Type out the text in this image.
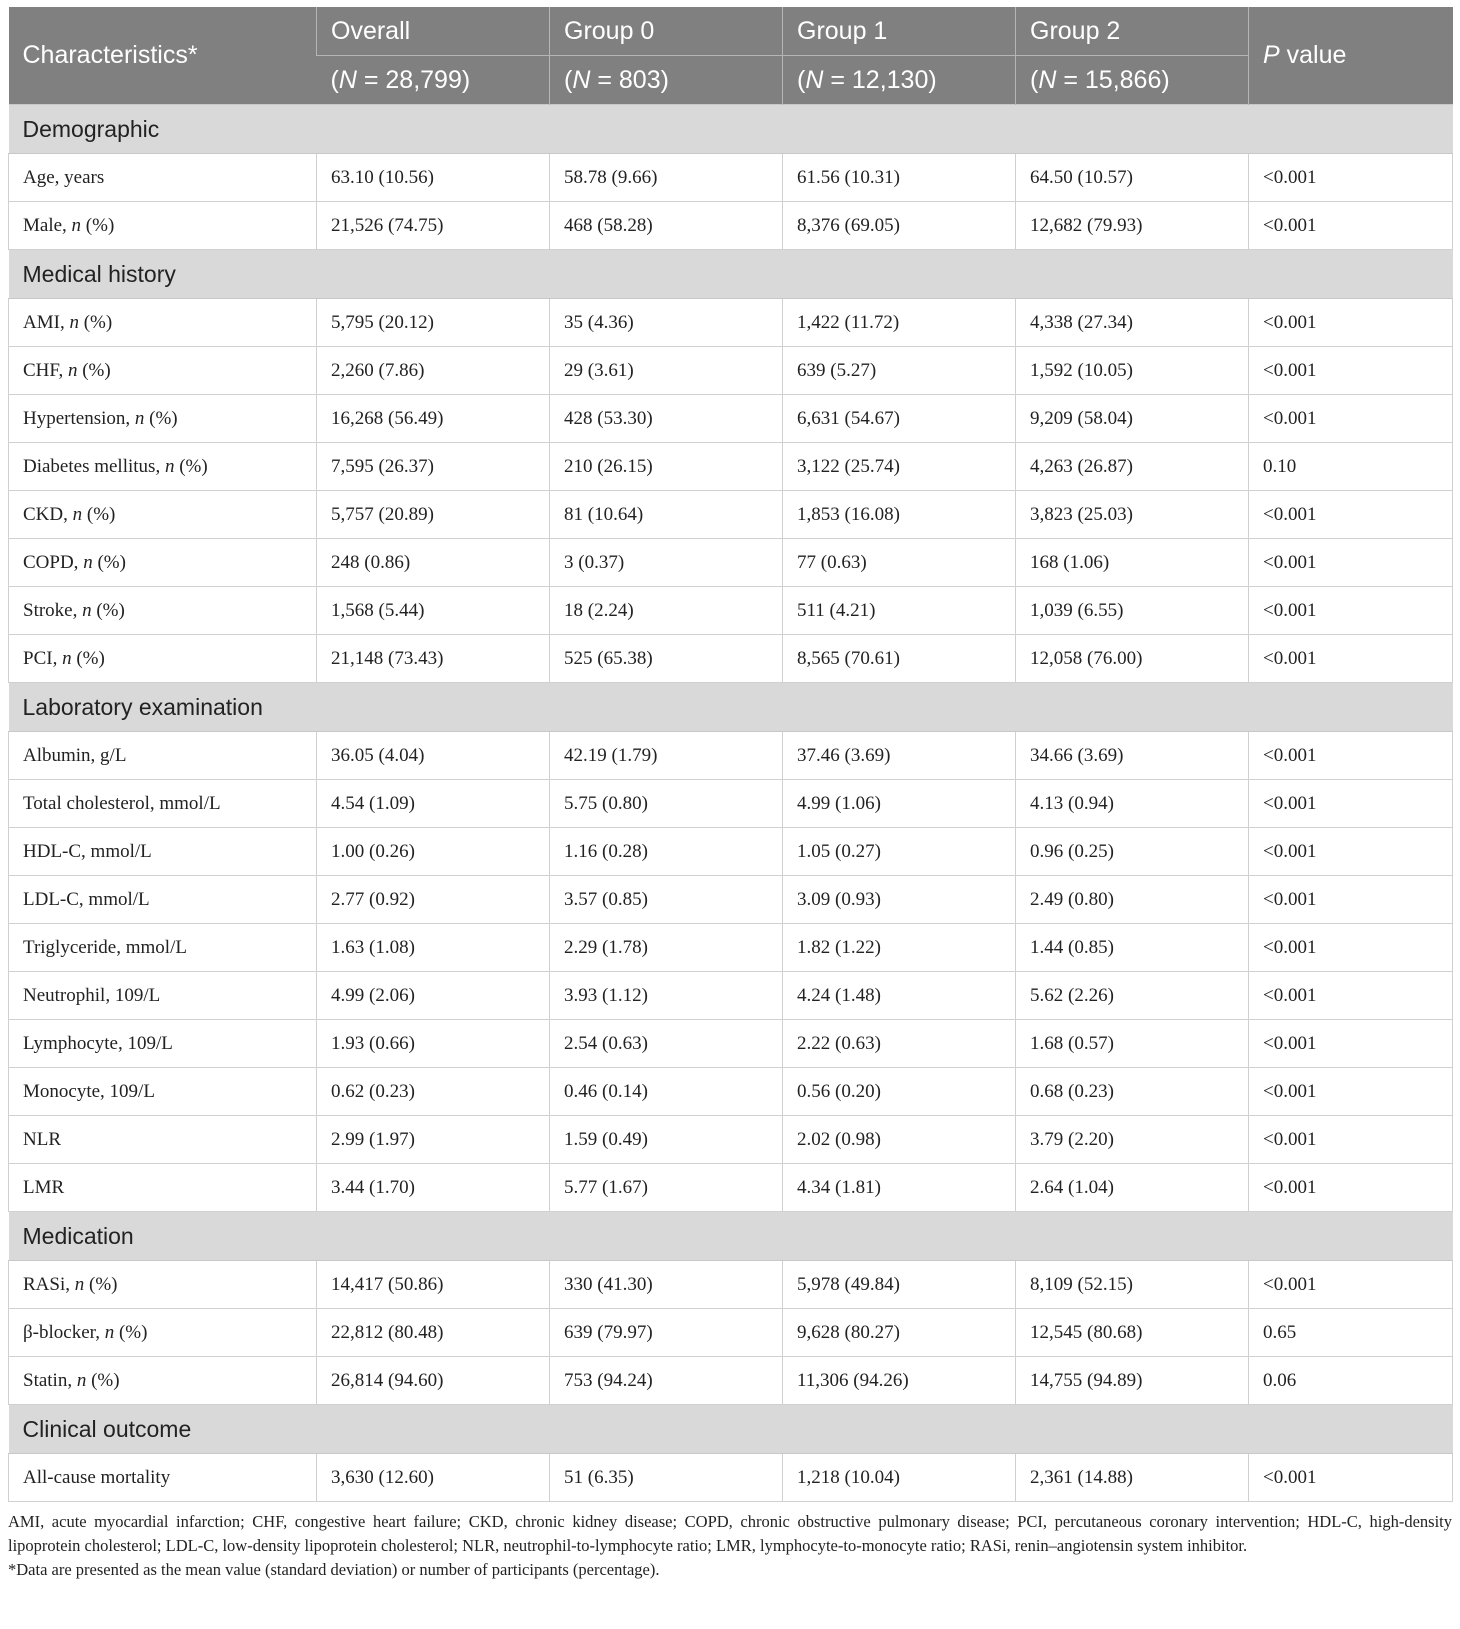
Characteristics*	Overall	Group 0	Group 1	Group 2	P value
	(N = 28,799)	(N = 803)	(N = 12,130)	(N = 15,866)	
Demographic					
Age, years	63.10 (10.56)	58.78 (9.66)	61.56 (10.31)	64.50 (10.57)	<0.001
Male, n (%)	21,526 (74.75)	468 (58.28)	8,376 (69.05)	12,682 (79.93)	<0.001
Medical history					
AMI, n (%)	5,795 (20.12)	35 (4.36)	1,422 (11.72)	4,338 (27.34)	<0.001
CHF, n (%)	2,260 (7.86)	29 (3.61)	639 (5.27)	1,592 (10.05)	<0.001
Hypertension, n (%)	16,268 (56.49)	428 (53.30)	6,631 (54.67)	9,209 (58.04)	<0.001
Diabetes mellitus, n (%)	7,595 (26.37)	210 (26.15)	3,122 (25.74)	4,263 (26.87)	0.10
CKD, n (%)	5,757 (20.89)	81 (10.64)	1,853 (16.08)	3,823 (25.03)	<0.001
COPD, n (%)	248 (0.86)	3 (0.37)	77 (0.63)	168 (1.06)	<0.001
Stroke, n (%)	1,568 (5.44)	18 (2.24)	511 (4.21)	1,039 (6.55)	<0.001
PCI, n (%)	21,148 (73.43)	525 (65.38)	8,565 (70.61)	12,058 (76.00)	<0.001
Laboratory examination					
Albumin, g/L	36.05 (4.04)	42.19 (1.79)	37.46 (3.69)	34.66 (3.69)	<0.001
Total cholesterol, mmol/L	4.54 (1.09)	5.75 (0.80)	4.99 (1.06)	4.13 (0.94)	<0.001
HDL-C, mmol/L	1.00 (0.26)	1.16 (0.28)	1.05 (0.27)	0.96 (0.25)	<0.001
LDL-C, mmol/L	2.77 (0.92)	3.57 (0.85)	3.09 (0.93)	2.49 (0.80)	<0.001
Triglyceride, mmol/L	1.63 (1.08)	2.29 (1.78)	1.82 (1.22)	1.44 (0.85)	<0.001
Neutrophil, 109/L	4.99 (2.06)	3.93 (1.12)	4.24 (1.48)	5.62 (2.26)	<0.001
Lymphocyte, 109/L	1.93 (0.66)	2.54 (0.63)	2.22 (0.63)	1.68 (0.57)	<0.001
Monocyte, 109/L	0.62 (0.23)	0.46 (0.14)	0.56 (0.20)	0.68 (0.23)	<0.001
NLR	2.99 (1.97)	1.59 (0.49)	2.02 (0.98)	3.79 (2.20)	<0.001
LMR	3.44 (1.70)	5.77 (1.67)	4.34 (1.81)	2.64 (1.04)	<0.001
Medication					
RASi, n (%)	14,417 (50.86)	330 (41.30)	5,978 (49.84)	8,109 (52.15)	<0.001
β-blocker, n (%)	22,812 (80.48)	639 (79.97)	9,628 (80.27)	12,545 (80.68)	0.65
Statin, n (%)	26,814 (94.60)	753 (94.24)	11,306 (94.26)	14,755 (94.89)	0.06
Clinical outcome					
All-cause mortality	3,630 (12.60)	51 (6.35)	1,218 (10.04)	2,361 (14.88)	<0.001

AMI, acute myocardial infarction; CHF, congestive heart failure; CKD, chronic kidney disease; COPD, chronic obstructive pulmonary disease; PCI, percutaneous coronary intervention; HDL-C, high-density lipoprotein cholesterol; LDL-C, low-density lipoprotein cholesterol; NLR, neutrophil-to-lymphocyte ratio; LMR, lymphocyte-to-monocyte ratio; RASi, renin–angiotensin system inhibitor.

*Data are presented as the mean value (standard deviation) or number of participants (percentage).
